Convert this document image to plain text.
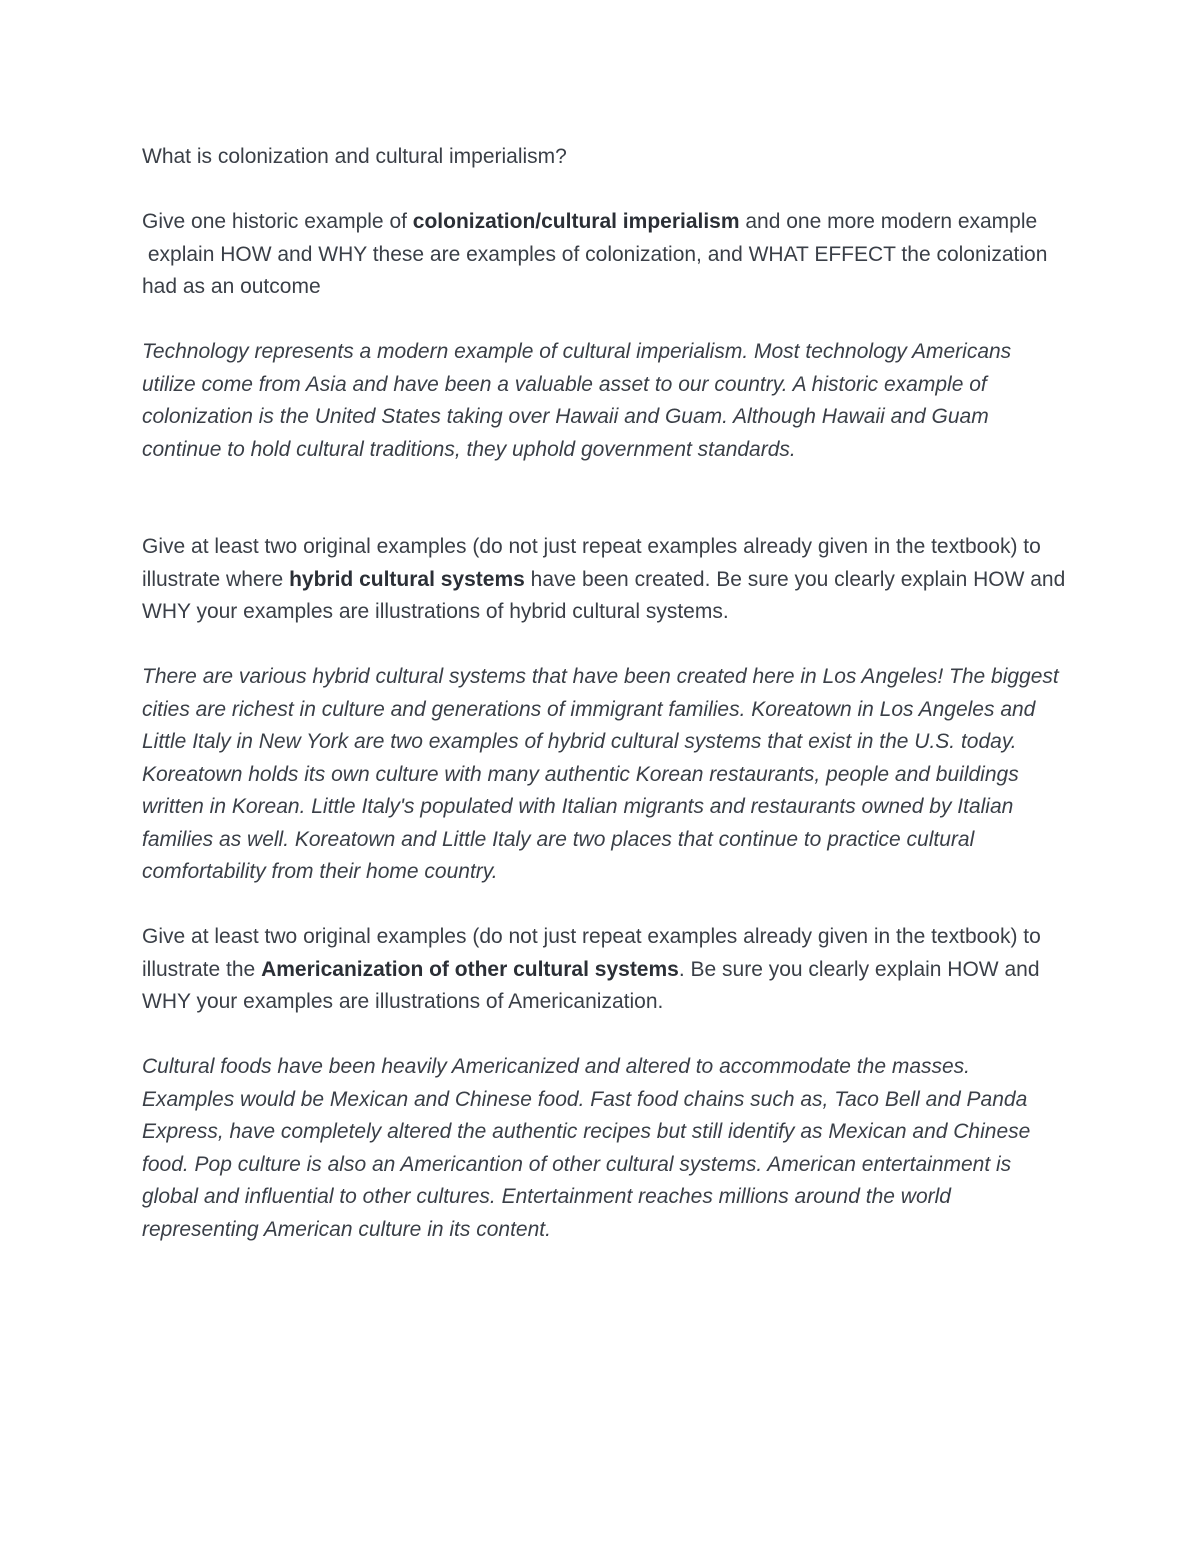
What is colonization and cultural imperialism?

Give one historic example of colonization/cultural imperialism and one more modern example

explain HOW and WHY these are examples of colonization, and WHAT EFFECT the colonization had as an outcome

Technology represents a modern example of cultural imperialism. Most technology Americans utilize come from Asia and have been a valuable asset to our country. A historic example of colonization is the United States taking over Hawaii and Guam. Although Hawaii and Guam continue to hold cultural traditions, they uphold government standards.

Give at least two original examples (do not just repeat examples already given in the textbook) to illustrate where hybrid cultural systems have been created. Be sure you clearly explain HOW and WHY your examples are illustrations of hybrid cultural systems.

There are various hybrid cultural systems that have been created here in Los Angeles! The biggest cities are richest in culture and generations of immigrant families. Koreatown in Los Angeles and Little Italy in New York are two examples of hybrid cultural systems that exist in the U.S. today. Koreatown holds its own culture with many authentic Korean restaurants, people and buildings written in Korean. Little Italy's populated with Italian migrants and restaurants owned by Italian families as well. Koreatown and Little Italy are two places that continue to practice cultural comfortability from their home country.

Give at least two original examples (do not just repeat examples already given in the textbook) to illustrate the Americanization of other cultural systems. Be sure you clearly explain HOW and WHY your examples are illustrations of Americanization.

Cultural foods have been heavily Americanized and altered to accommodate the masses. Examples would be Mexican and Chinese food. Fast food chains such as, Taco Bell and Panda Express, have completely altered the authentic recipes but still identify as Mexican and Chinese food. Pop culture is also an Americantion of other cultural systems. American entertainment is global and influential to other cultures. Entertainment reaches millions around the world representing American culture in its content.
